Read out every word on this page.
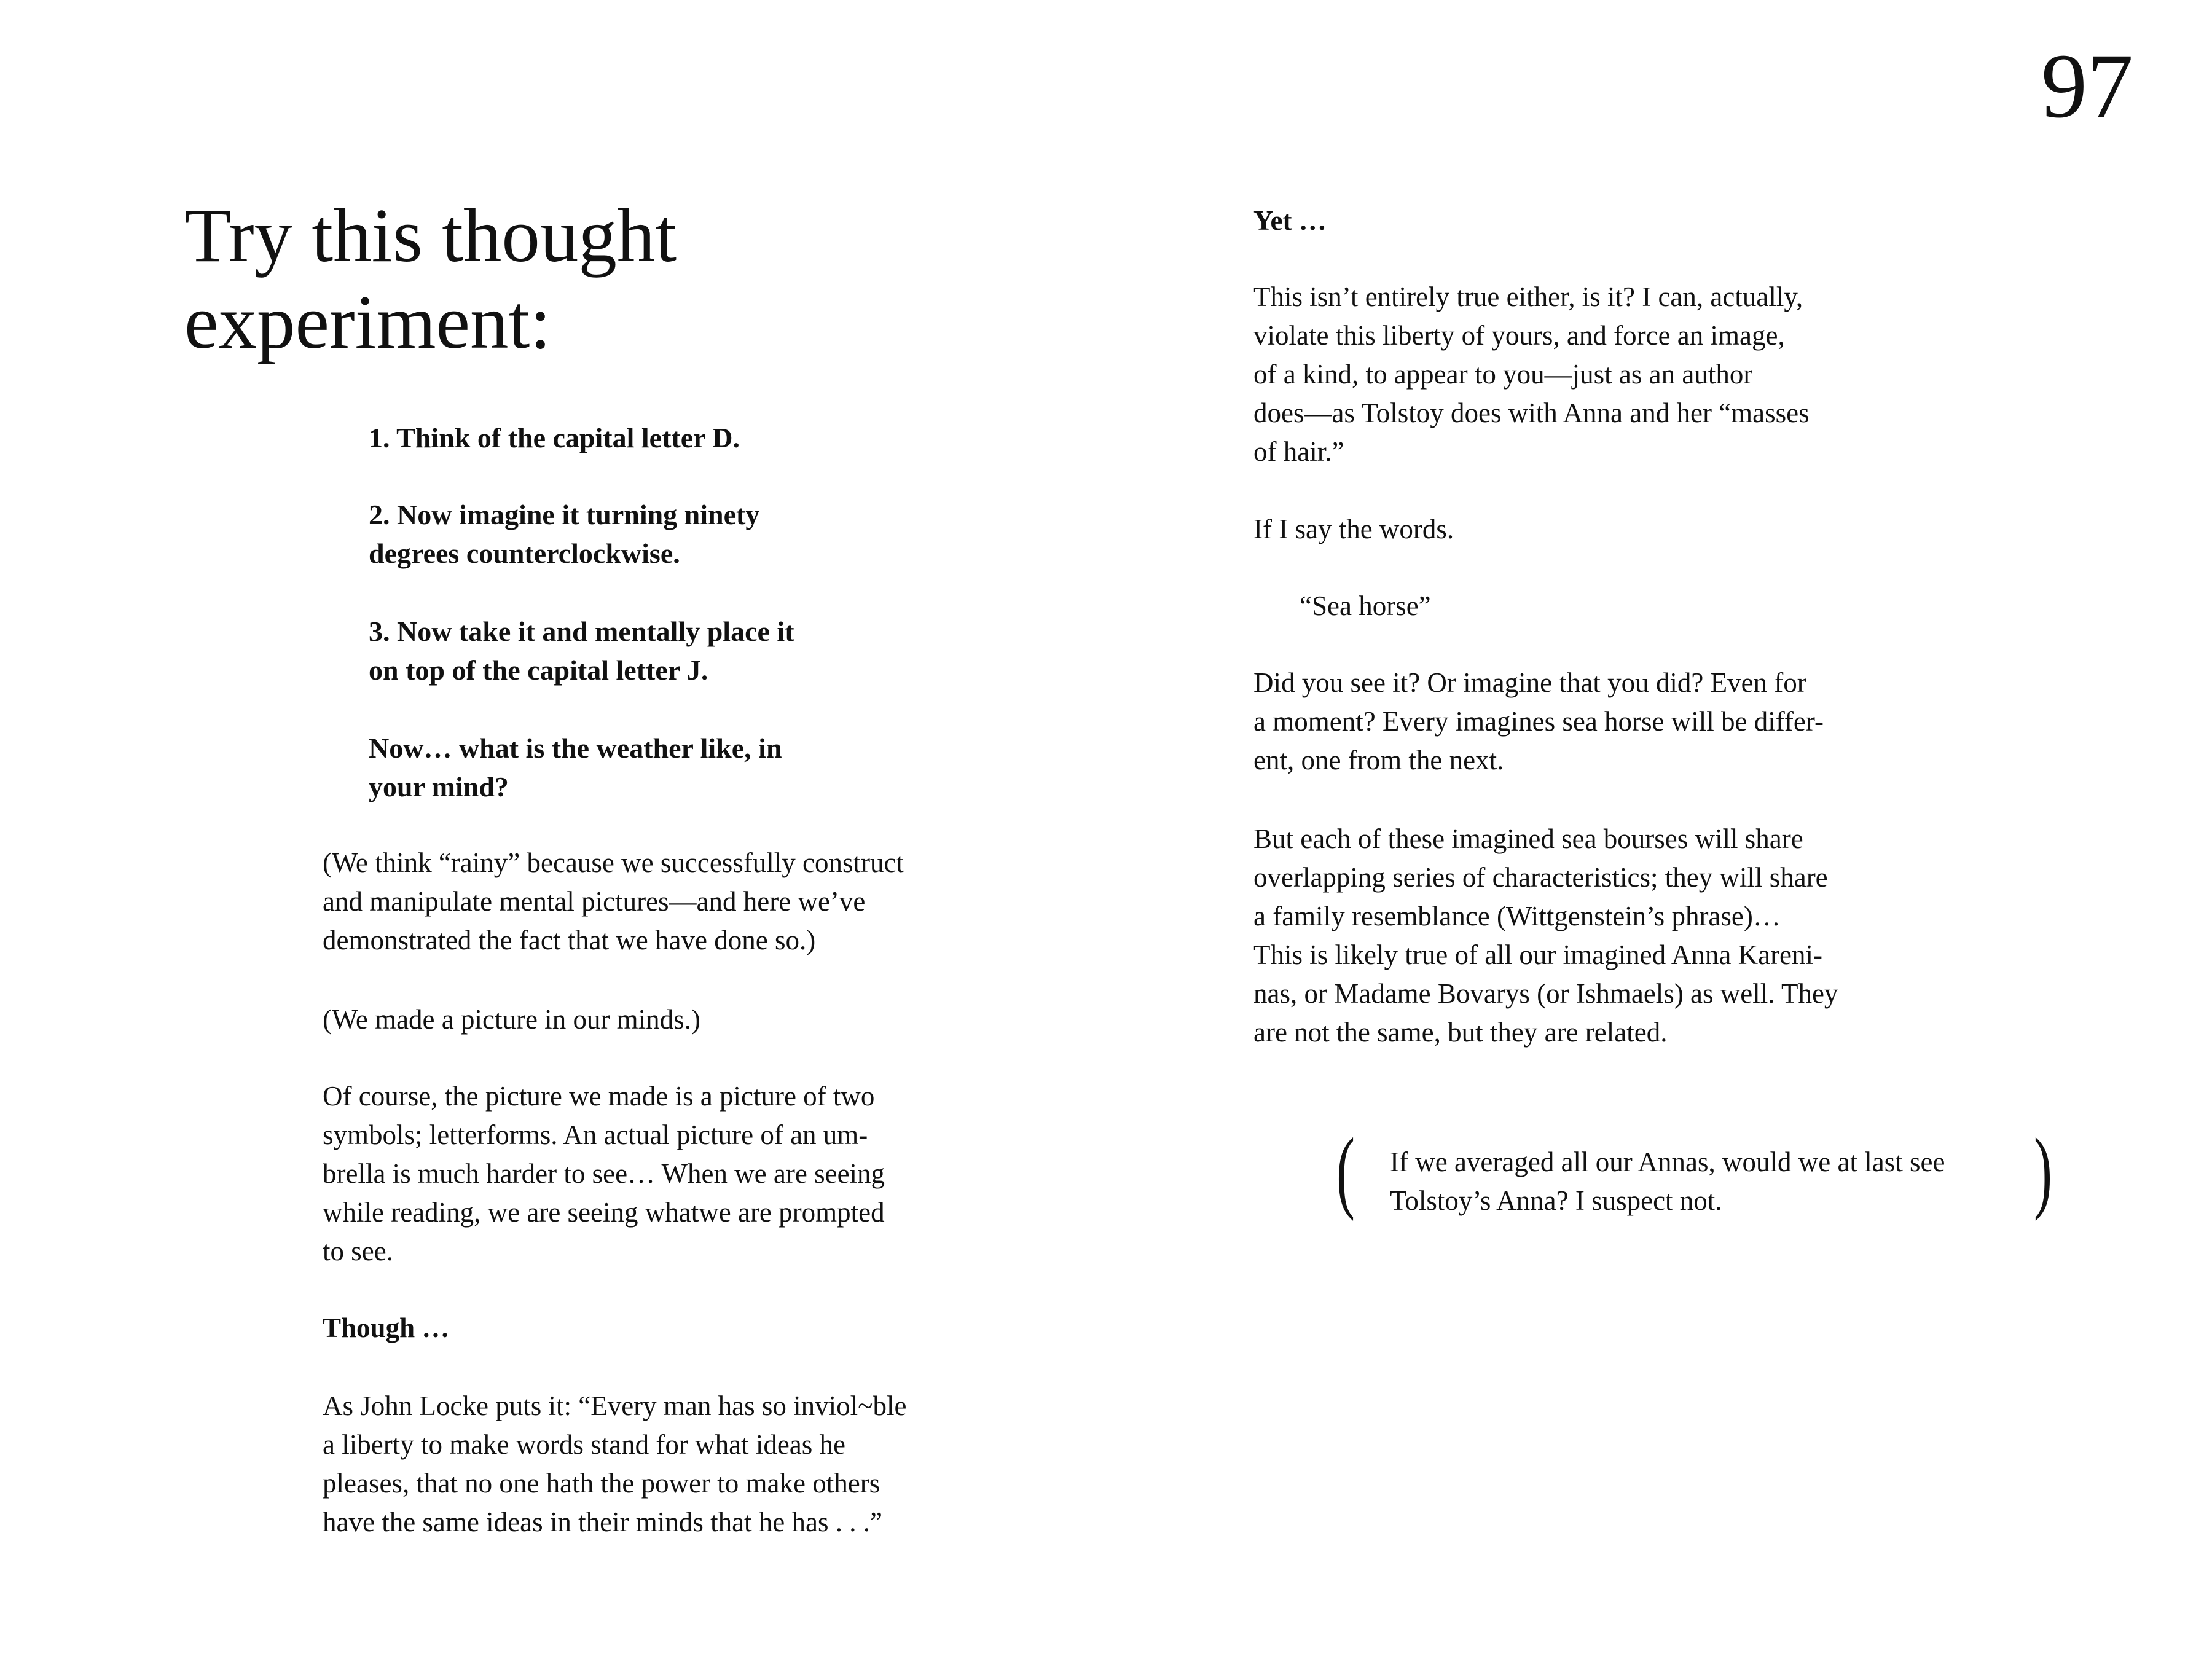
97
Try this thought
experiment:
1. Think of the capital letter D.
2. Now imagine it turning ninety
degrees counterclockwise.
3. Now take it and mentally place it
on top of the capital letter J.
Now… what is the weather like, in
your mind?
(We think “rainy” because we successfully construct
and manipulate mental pictures—and here we’ve
demonstrated the fact that we have done so.)
(We made a picture in our minds.)
Of course, the picture we made is a picture of two
symbols; letterforms. An actual picture of an um-
brella is much harder to see… When we are seeing
while reading, we are seeing whatwe are prompted
to see.
Though …
As John Locke puts it: “Every man has so inviol~ble
a liberty to make words stand for what ideas he
pleases, that no one hath the power to make others
have the same ideas in their minds that he has . . .”
Yet …
This isn’t entirely true either, is it? I can, actually,
violate this liberty of yours, and force an image,
of a kind, to appear to you—just as an author
does—as Tolstoy does with Anna and her “masses
of hair.”
If I say the words.
“Sea horse”
Did you see it? Or imagine that you did? Even for
a moment? Every imagines sea horse will be differ-
ent, one from the next.
But each of these imagined sea bourses will share
overlapping series of characteristics; they will share
a family resemblance (Wittgenstein’s phrase)…
This is likely true of all our imagined Anna Kareni-
nas, or Madame Bovarys (or Ishmaels) as well. They
are not the same, but they are related.
( If we averaged all our Annas, would we at last see
Tolstoy’s Anna? I suspect not.	)
